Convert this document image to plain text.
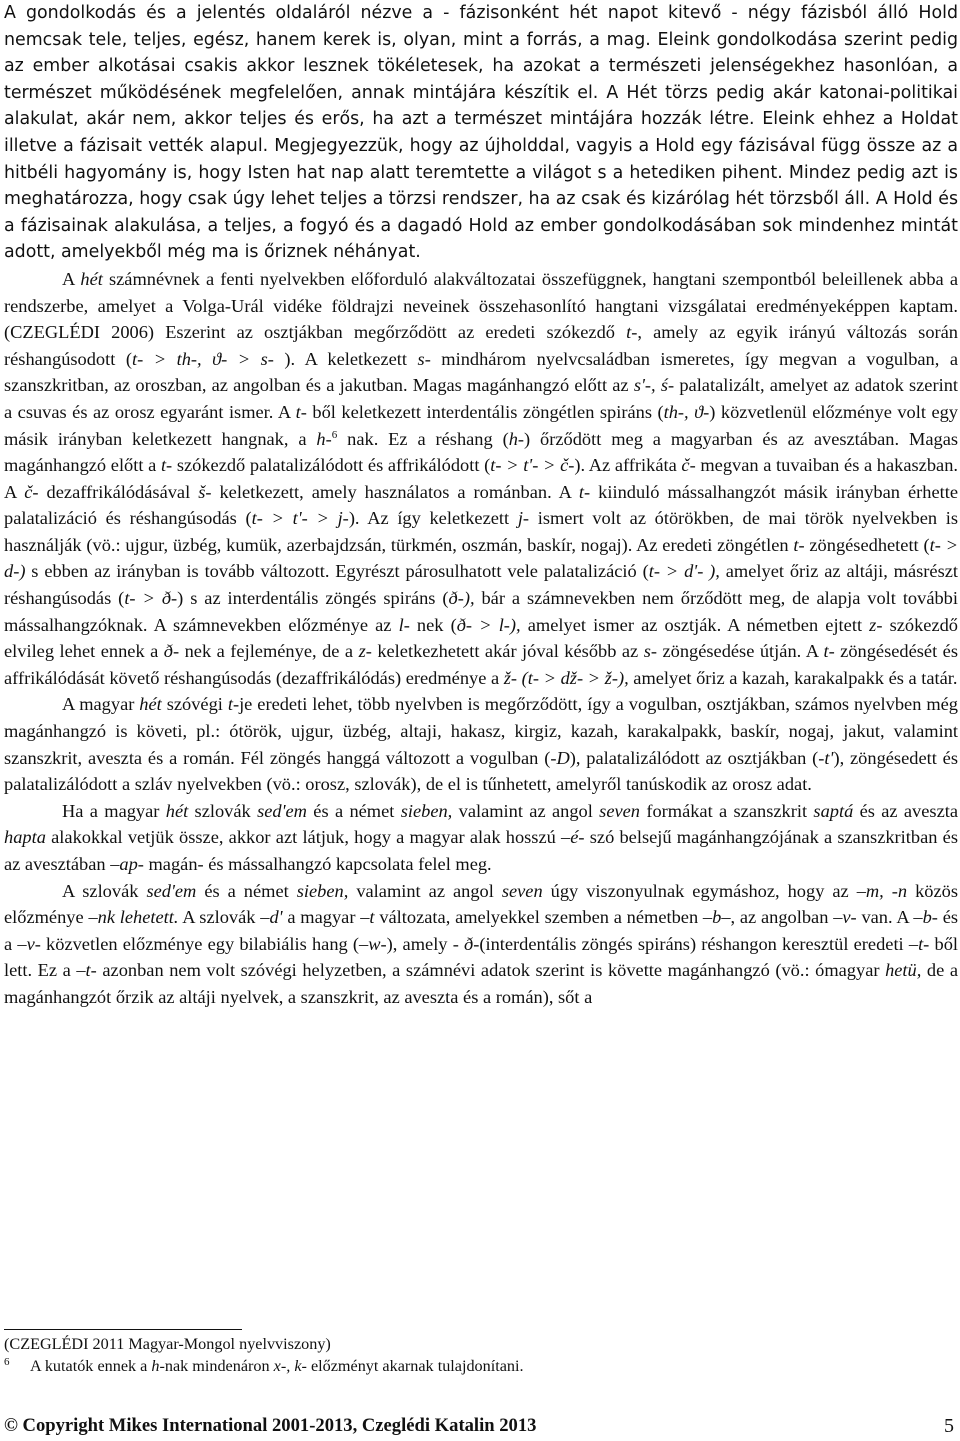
A gondolkodás és a jelentés oldaláról nézve a - fázisonként hét napot kitevő - négy fázisból álló Hold nemcsak tele, teljes, egész, hanem kerek is, olyan, mint a forrás, a mag. Eleink gondolkodása szerint pedig az ember alkotásai csakis akkor lesznek tökéletesek, ha azokat a természeti jelenségekhez hasonlóan, a természet működésének megfelelően, annak mintájára készítik el. A Hét törzs pedig akár katonai-politikai alakulat, akár nem, akkor teljes és erős, ha azt a természet mintájára hozzák létre. Eleink ehhez a Holdat illetve a fázisait vették alapul. Megjegyezzük, hogy az újholddal, vagyis a Hold egy fázisával függ össze az a hitbéli hagyomány is, hogy Isten hat nap alatt teremtette a világot s a hetediken pihent. Mindez pedig azt is meghatározza, hogy csak úgy lehet teljes a törzsi rendszer, ha az csak és kizárólag hét törzsből áll. A Hold és a fázisainak alakulása, a teljes, a fogyó és a dagadó Hold az ember gondolkodásában sok mindenhez mintát adott, amelyekből még ma is őriznek néhányat.

A hét számnévnek a fenti nyelvekben előforduló alakváltozatai összefüggnek, hangtani szempontból beleillenek abba a rendszerbe, amelyet a Volga-Urál vidéke földrajzi neveinek összehasonlító hangtani vizsgálatai eredményeképpen kaptam. (CZEGLÉDI 2006) Eszerint az osztjákban megőrződött az eredeti szókezdő t-, amely az egyik irányú változás során réshangúsodott (t- > th-, ϑ- > s- ). A keletkezett s- mindhárom nyelvcsaládban ismeretes, így megvan a vogulban, a szanszkritban, az oroszban, az angolban és a jakutban. Magas magánhangzó előtt az s'-, ś- palatalizált, amelyet az adatok szerint a csuvas és az orosz egyaránt ismer. A t- ből keletkezett interdentális zöngétlen spiráns (th-, ϑ-) közvetlenül előzménye volt egy másik irányban keletkezett hangnak, a h-$^6$ nak. Ez a réshang (h-) őrződött meg a magyarban és az avesztában. Magas magánhangzó előtt a t- szókezdő palatalizálódott és affrikálódott (t- > t'- > č-). Az affrikáta č- megvan a tuvaiban és a hakaszban. A č- dezaffrikálódásával š- keletkezett, amely használatos a románban. A t- kiinduló mássalhangzót másik irányban érhette palatalizáció és réshangúsodás (t- > t'- > j-). Az így keletkezett j- ismert volt az ótörökben, de mai török nyelvekben is használják (vö.: ujgur, üzbég, kumük, azerbajdzsán, türkmén, oszmán, baskír, nogaj). Az eredeti zöngétlen t- zöngésedhetett (t- > d-) s ebben az irányban is tovább változott. Egyrészt párosulhatott vele palatalizáció (t- > d'- ), amelyet őriz az altáji, másrészt réshangúsodás (t- > ð-) s az interdentális zöngés spiráns (ð-), bár a számnevekben nem őrződött meg, de alapja volt további mássalhangzóknak. A számnevekben előzménye az l- nek (ð- > l-), amelyet ismer az osztják. A németben ejtett z- szókezdő elvileg lehet ennek a ð- nek a fejleménye, de a z- keletkezhetett akár jóval később az s- zöngésedése útján. A t- zöngésedését és affrikálódását követő réshangúsodás (dezaffrikálódás) eredménye a ž- (t- > dž- > ž-), amelyet őriz a kazah, karakalpakk és a tatár.

A magyar hét szóvégi t-je eredeti lehet, több nyelvben is megőrződött, így a vogulban, osztjákban, számos nyelvben még magánhangzó is követi, pl.: ótörök, ujgur, üzbég, altaji, hakasz, kirgiz, kazah, karakalpakk, baskír, nogaj, jakut, valamint szanszkrit, avesztа és a román. Fél zöngés hanggá változott a vogulban (-D), palatalizálódott az osztjákban (-t'), zöngésedett és palatalizálódott a szláv nyelvekben (vö.: orosz, szlovák), de el is tűnhetett, amelyről tanúskodik az orosz adat.

Ha a magyar hét szlovák sed'em és a német sieben, valamint az angol seven formákat a szanszkrit saptá és az aveszta hapta alakokkal vetjük össze, akkor azt látjuk, hogy a magyar alak hosszú –é- szó belsejű magánhangzójának a szanszkritban és az avesztában –ap- magán- és mássalhangzó kapcsolata felel meg.

A szlovák sed'em és a német sieben, valamint az angol seven úgy viszonyulnak egymáshoz, hogy az –m, -n közös előzménye –nk lehetett. A szlovák –d' a magyar –t változata, amelyekkel szemben a németben –b–, az angolban –v- van. A –b- és a –v- közvetlen előzménye egy bilabiális hang (–w-), amely - ð-(interdentális zöngés spiráns) réshangon keresztül eredeti –t- ből lett. Ez a –t- azonban nem volt szóvégi helyzetben, a számnévi adatok szerint is követte magánhangzó (vö.: ómagyar hetü, de a magánhangzót őrzik az altáji nyelvek, a szanszkrit, az aveszta és a román), sőt a

(CZEGLÉDI 2011 Magyar-Mongol nyelvviszony)
6 A kutatók ennek a h-nak mindenáron x-, k- előzményt akarnak tulajdonítani.
© Copyright Mikes International 2001-2013, Czeglédi Katalin 2013	5
